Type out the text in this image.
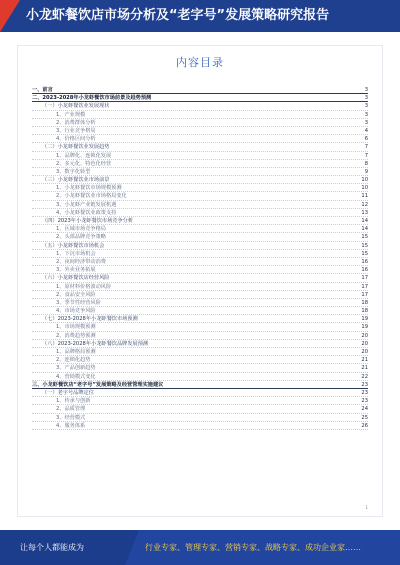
小龙虾餐饮店市场分析及“老字号”发展策略研究报告
内容目录
一、前言	3
二、2023-2028年小龙虾餐饮市场前景及趋势预测	3
（一）小龙虾餐饮业发展现状	3
1、产业规模	3
2、消费群体分析	3
3、行业竞争格局	4
4、价格区间分析	6
（二）小龙虾餐饮业发展趋势	7
1、品牌化、连锁化发展	7
2、多元化、特色化经营	8
3、数字化转型	9
（三）小龙虾餐饮业市场前景	10
1、小龙虾餐饮市场规模预测	10
2、小龙虾餐饮业市场格局变化	11
3、小龙虾产业链发展机遇	12
4、小龙虾餐饮业政策支持	13
（四）2023年小龙虾餐饮市场竞争分析	14
1、区域市场竞争格局	14
2、头部品牌竞争策略	15
（五）小龙虾餐饮市场机会	15
1、下沉市场机会	15
2、夜间经济带动消费	16
3、外卖业务拓展	16
（六）小龙虾餐饮店经营风险	17
1、原材料价格波动风险	17
2、食品安全风险	17
3、季节性经营风险	18
4、市场竞争风险	18
（七）2023-2028年小龙虾餐饮市场预测	19
1、市场规模预测	19
2、消费趋势预测	20
（八）2023-2028年小龙虾餐饮品牌发展预测	20
1、品牌格局预测	20
2、连锁化趋势	21
3、产品创新趋势	21
4、营销模式变化	22
三、小龙虾餐饮店“老字号”发展策略及经营管理实施建议	23
（一）老字号品牌定位	23
1、传承与创新	23
2、品质管理	24
3、经营模式	25
4、服务体系	26
1
让每个人都能成为	行业专家、管理专家、营销专家、战略专家、成功企业家……
